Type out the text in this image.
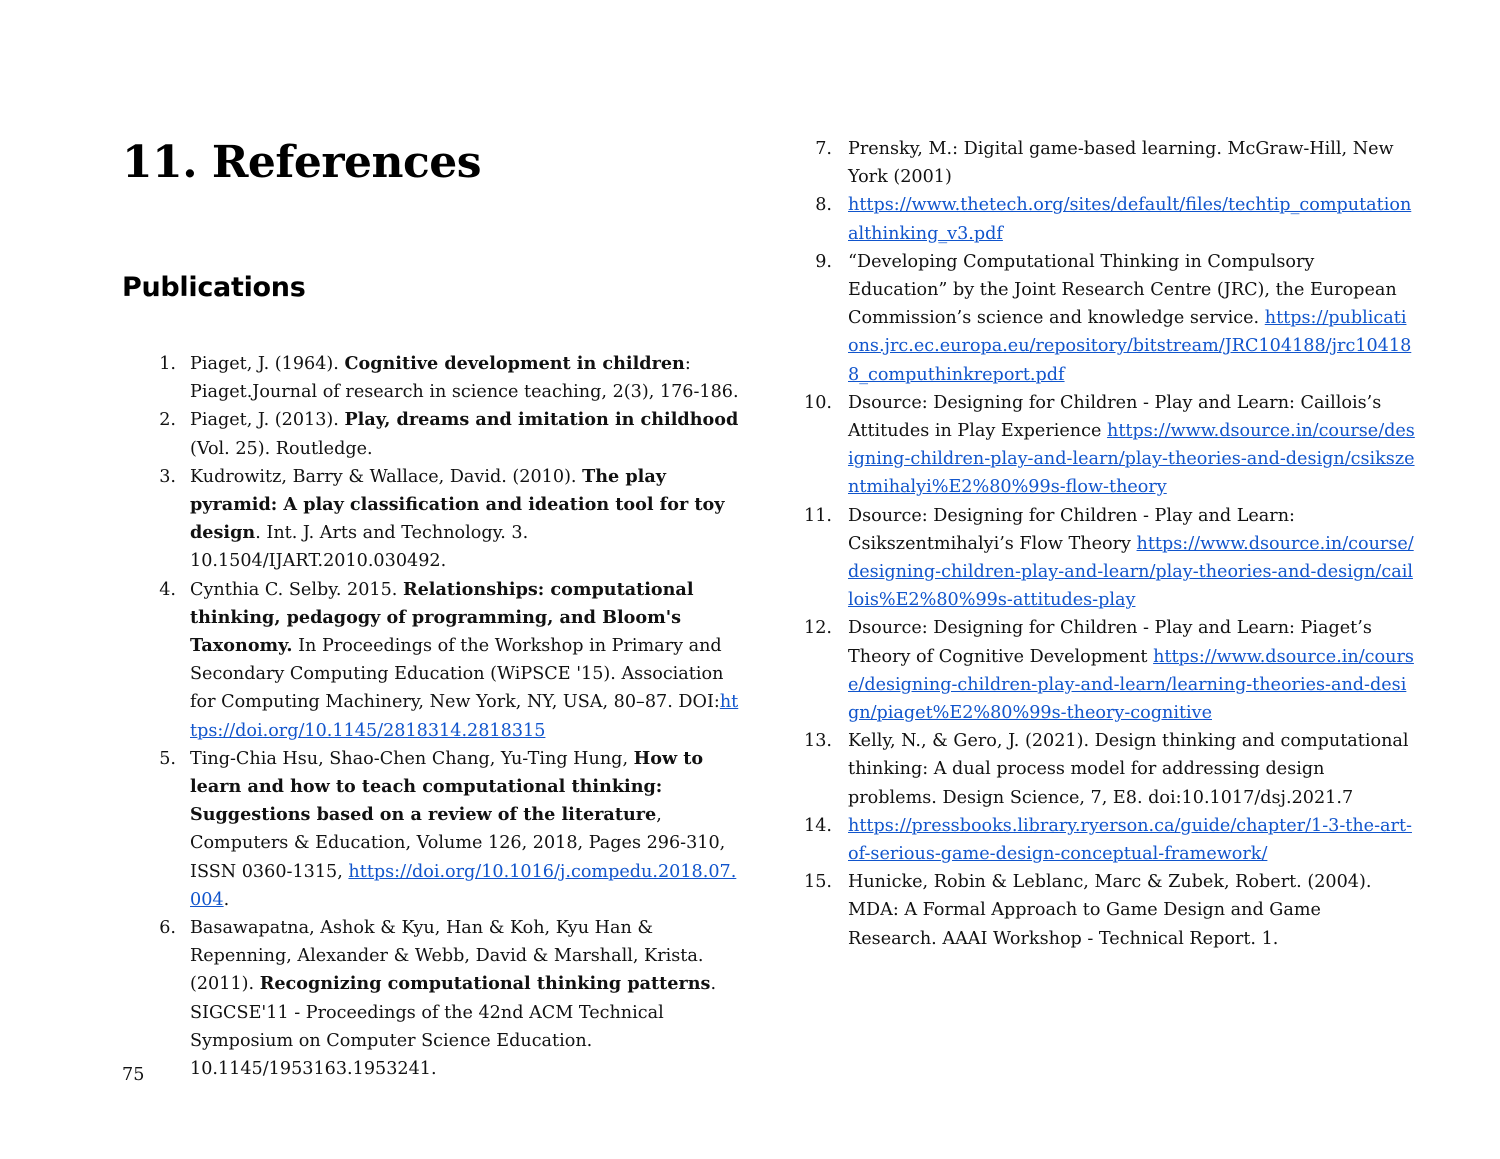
11. References
Publications
1. Piaget, J. (1964). Cognitive development in children: Piaget.Journal of research in science teaching, 2(3), 176-186.
2. Piaget, J. (2013). Play, dreams and imitation in childhood (Vol. 25). Routledge.
3. Kudrowitz, Barry & Wallace, David. (2010). The play pyramid: A play classification and ideation tool for toy design. Int. J. Arts and Technology. 3. 10.1504/IJART.2010.030492.
4. Cynthia C. Selby. 2015. Relationships: computational thinking, pedagogy of programming, and Bloom's Taxonomy. In Proceedings of the Workshop in Primary and Secondary Computing Education (WiPSCE '15). Association for Computing Machinery, New York, NY, USA, 80–87. DOI:https://doi.org/10.1145/2818314.2818315
5. Ting-Chia Hsu, Shao-Chen Chang, Yu-Ting Hung, How to learn and how to teach computational thinking: Suggestions based on a review of the literature, Computers & Education, Volume 126, 2018, Pages 296-310, ISSN 0360-1315, https://doi.org/10.1016/j.compedu.2018.07.004.
6. Basawapatna, Ashok & Kyu, Han & Koh, Kyu Han & Repenning, Alexander & Webb, David & Marshall, Krista. (2011). Recognizing computational thinking patterns. SIGCSE'11 - Proceedings of the 42nd ACM Technical Symposium on Computer Science Education. 10.1145/1953163.1953241.
7. Prensky, M.: Digital game-based learning. McGraw-Hill, New York (2001)
8. https://www.thetech.org/sites/default/files/techtip_computationalthinking_v3.pdf
9. “Developing Computational Thinking in Compulsory Education” by the Joint Research Centre (JRC), the European Commission’s science and knowledge service. https://publications.jrc.ec.europa.eu/repository/bitstream/JRC104188/jrc104188_computhinkreport.pdf
10. Dsource: Designing for Children - Play and Learn: Caillois’s Attitudes in Play Experience https://www.dsource.in/course/designing-children-play-and-learn/play-theories-and-design/csikszentmihalyi%E2%80%99s-flow-theory
11. Dsource: Designing for Children - Play and Learn: Csikszentmihalyi’s Flow Theory https://www.dsource.in/course/designing-children-play-and-learn/play-theories-and-design/caillois%E2%80%99s-attitudes-play
12. Dsource: Designing for Children - Play and Learn: Piaget’s Theory of Cognitive Development https://www.dsource.in/course/designing-children-play-and-learn/learning-theories-and-design/piaget%E2%80%99s-theory-cognitive
13. Kelly, N., & Gero, J. (2021). Design thinking and computational thinking: A dual process model for addressing design problems. Design Science, 7, E8. doi:10.1017/dsj.2021.7
14. https://pressbooks.library.ryerson.ca/guide/chapter/1-3-the-art-of-serious-game-design-conceptual-framework/
15. Hunicke, Robin & Leblanc, Marc & Zubek, Robert. (2004). MDA: A Formal Approach to Game Design and Game Research. AAAI Workshop - Technical Report. 1.
75
